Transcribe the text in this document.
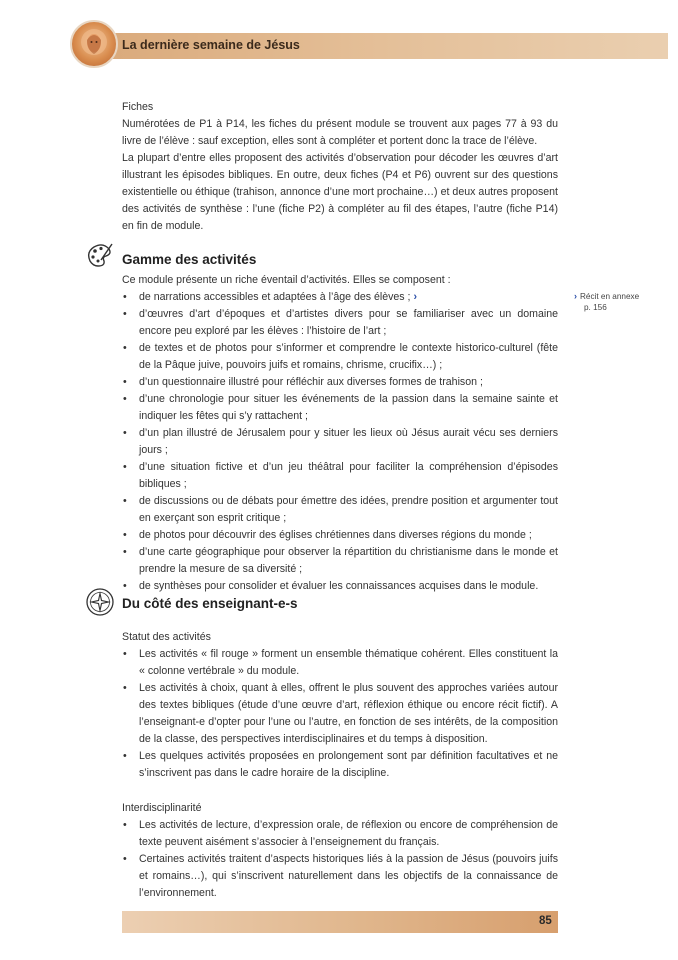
La dernière semaine de Jésus

Fiches

Numérotées de P1 à P14, les fiches du présent module se trouvent aux pages 77 à 93 du livre de l’élève : sauf exception, elles sont à compléter et portent donc la trace de l’élève.

La plupart d’entre elles proposent des activités d’observation pour décoder les œuvres d’art illustrant les épisodes bibliques. En outre, deux fiches (P4 et P6) ouvrent sur des questions existentielle ou éthique (trahison, annonce d’une mort prochaine…) et deux autres proposent des activités de synthèse : l’une (fiche P2) à compléter au fil des étapes, l’autre (fiche P14) en fin de module.

Gamme des activités

Ce module présente un riche éventail d’activités. Elles se composent :

• de narrations accessibles et adaptées à l’âge des élèves ; ›
• d’œuvres d’art d’époques et d’artistes divers pour se familiariser avec un domaine encore peu exploré par les élèves : l’histoire de l’art ;
• de textes et de photos pour s’informer et comprendre le contexte historico-culturel (fête de la Pâque juive, pouvoirs juifs et romains, chrisme, crucifix…) ;
• d’un questionnaire illustré pour réfléchir aux diverses formes de trahison ;
• d’une chronologie pour situer les événements de la passion dans la semaine sainte et indiquer les fêtes qui s’y rattachent ;
• d’un plan illustré de Jérusalem pour y situer les lieux où Jésus aurait vécu ses derniers jours ;
• d’une situation fictive et d’un jeu théâtral pour faciliter la compréhension d’épisodes bibliques ;
• de discussions ou de débats pour émettre des idées, prendre position et argumenter tout en exerçant son esprit critique ;
• de photos pour découvrir des églises chrétiennes dans diverses régions du monde ;
• d’une carte géographique pour observer la répartition du christianisme dans le monde et prendre la mesure de sa diversité ;
• de synthèses pour consolider et évaluer les connaissances acquises dans le module.
› Récit en annexe
p. 156
Du côté des enseignant-e-s

Statut des activités

• Les activités « fil rouge » forment un ensemble thématique cohérent. Elles constituent la « colonne vertébrale » du module.
• Les activités à choix, quant à elles, offrent le plus souvent des approches variées autour des textes bibliques (étude d’une œuvre d’art, réflexion éthique ou encore récit fictif). A l’enseignant-e d’opter pour l’une ou l’autre, en fonction de ses intérêts, de la composition de la classe, des perspectives interdisciplinaires et du temps à disposition.
• Les quelques activités proposées en prolongement sont par définition facultatives et ne s’inscrivent pas dans le cadre horaire de la discipline.

Interdisciplinarité

• Les activités de lecture, d’expression orale, de réflexion ou encore de compréhension de texte peuvent aisément s’associer à l’enseignement du français.
• Certaines activités traitent d’aspects historiques liés à la passion de Jésus (pouvoirs juifs et romains…), qui s’inscrivent naturellement dans les objectifs de la connaissance de l’environnement.
85
